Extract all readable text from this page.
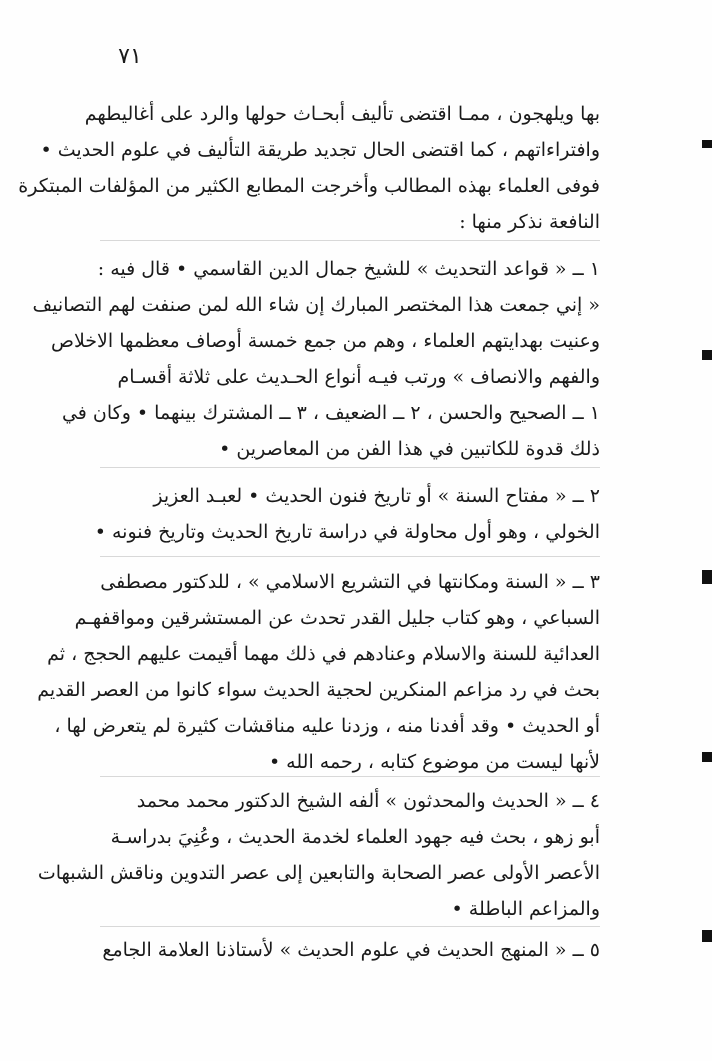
٧١
بها ويلهجون ، ممـا اقتضى تأليف أبحـاث حولها والرد على أغاليطهم
وافتراءاتهم ، كما اقتضى الحال تجديد طريقة التأليف في علوم الحديث •
فوفى العلماء بهذه المطالب وأخرجت المطابع الكثير من المؤلفات المبتكرة
النافعة نذكر منها :
١ ــ « قواعد التحديث » للشيخ جمال الدين القاسمي • قال فيه :
« إني جمعت هذا المختصر المبارك إن شاء الله لمن صنفت لهم التصانيف
وعنيت بهدايتهم العلماء ، وهم من جمع خمسة أوصاف معظمها الاخلاص
والفهم والانصاف » ورتب فيـه أنواع الحـديث على ثلاثة أقسـام
١ ــ الصحيح والحسن ، ٢ ــ الضعيف ، ٣ ــ المشترك بينهما • وكان في
ذلك قدوة للكاتبين في هذا الفن من المعاصرين •
٢ ــ « مفتاح السنة » أو تاريخ فنون الحديث • لعبـد العزيز
الخولي ، وهو أول محاولة في دراسة تاريخ الحديث وتاريخ فنونه •
٣ ــ « السنة ومكانتها في التشريع الاسلامي » ، للدكتور مصطفى
السباعي ، وهو كتاب جليل القدر تحدث عن المستشرقين ومواقفهـم
العدائية للسنة والاسلام وعنادهم في ذلك مهما أقيمت عليهم الحجج ، ثم
بحث في رد مزاعم المنكرين لحجية الحديث سواء كانوا من العصر القديم
أو الحديث • وقد أفدنا منه ، وزدنا عليه مناقشات كثيرة لم يتعرض لها ،
لأنها ليست من موضوع كتابه ، رحمه الله •
٤ ــ « الحديث والمحدثون » ألفه الشيخ الدكتور محمد محمد
أبو زهو ، بحث فيه جهود العلماء لخدمة الحديث ، وعُنِيَ بدراسـة
الأعصر الأولى عصر الصحابة والتابعين إلى عصر التدوين وناقش الشبهات
والمزاعم الباطلة •
٥ ــ « المنهج الحديث في علوم الحديث » لأستاذنا العلامة الجامع
